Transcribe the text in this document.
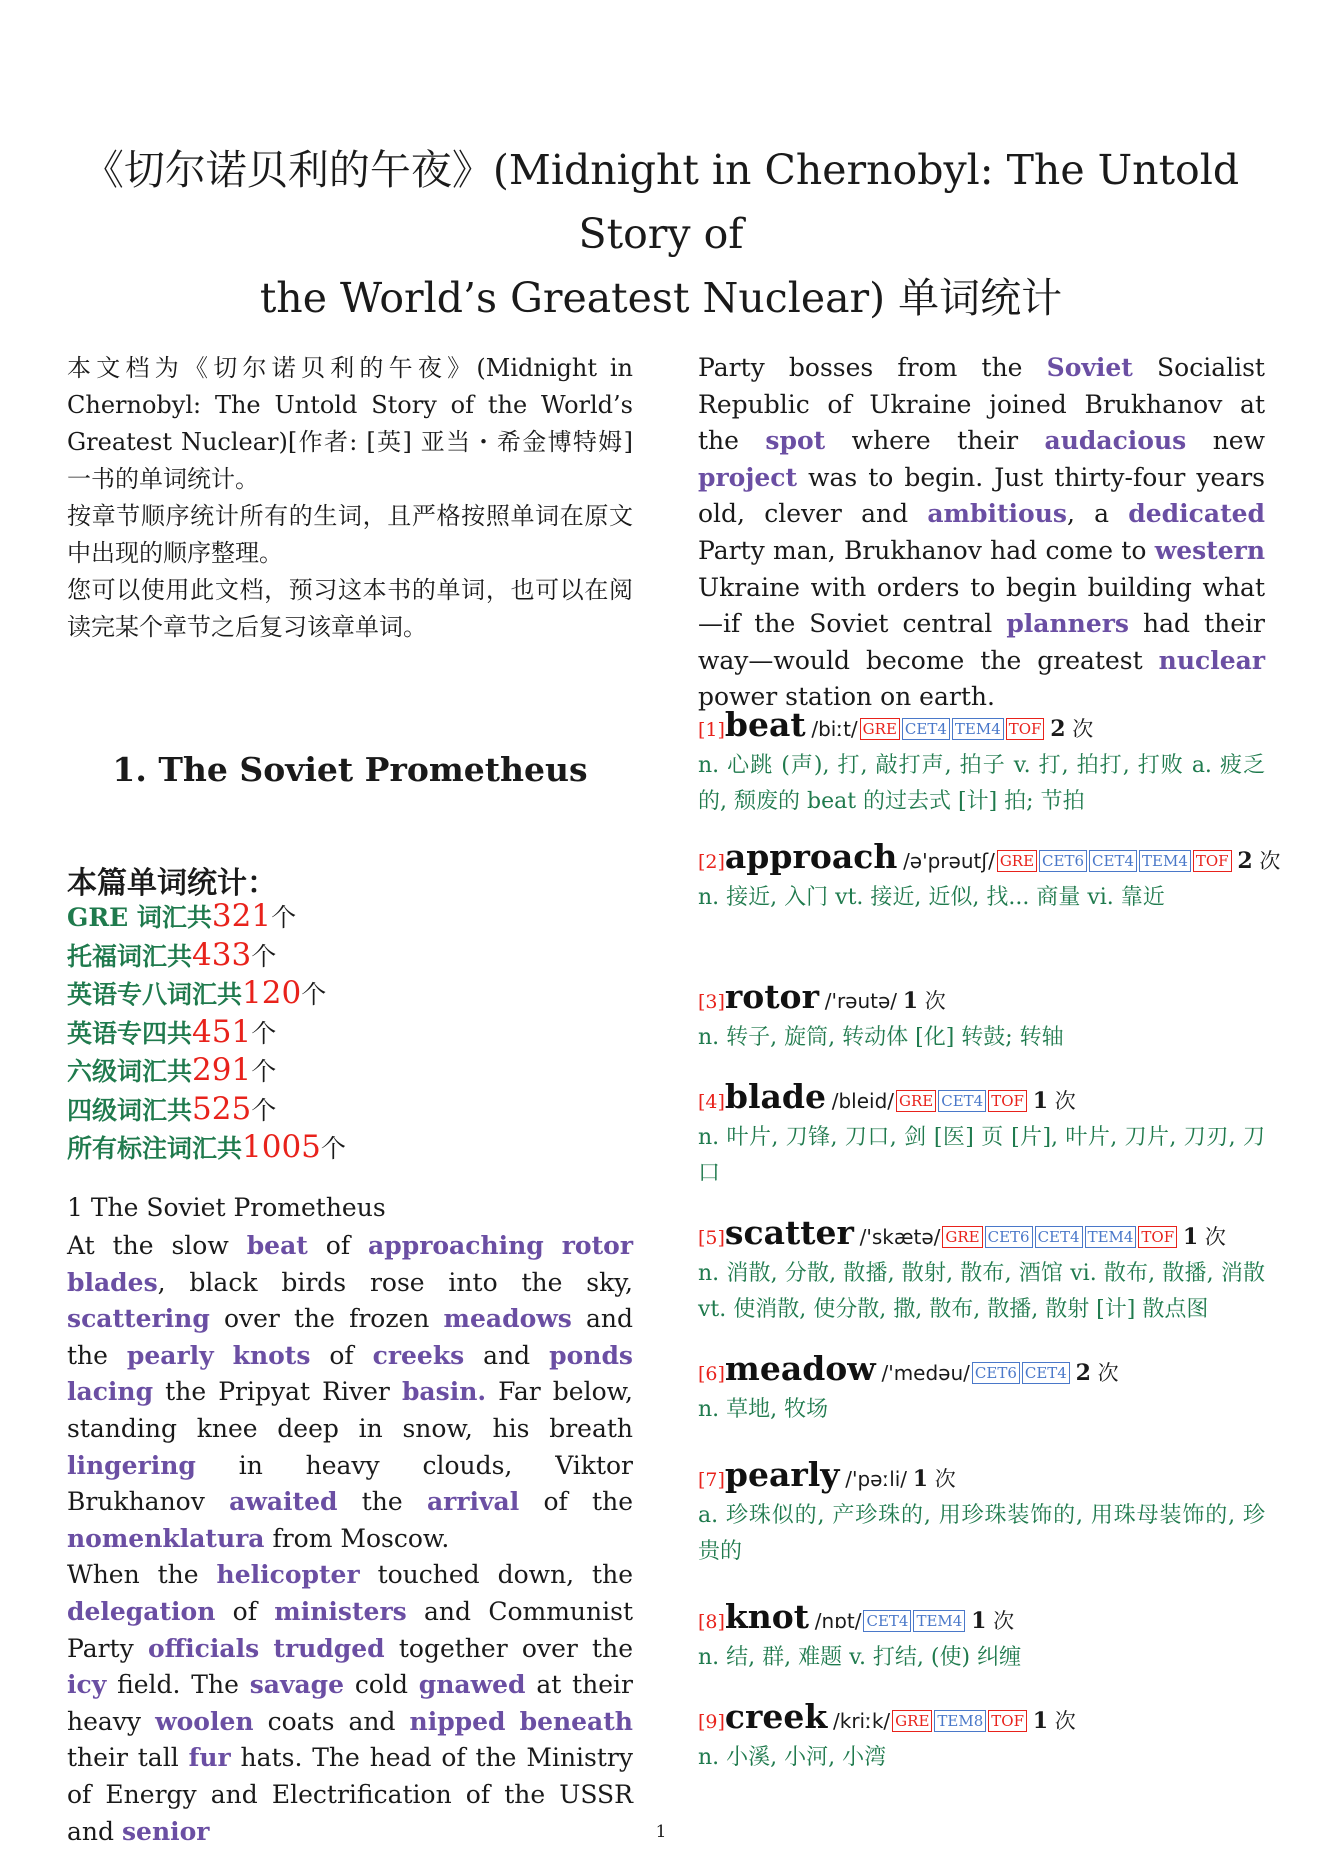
《切尔诺贝利的午夜》(Midnight in Chernobyl: The Untold Story of
the World’s Greatest Nuclear) 单词统计

本文档为《切尔诺贝利的午夜》(Midnight in Chernobyl: The Untold Story of the World’s Greatest Nuclear)[作者: [英] 亚当・希金博特姆]一书的单词统计。

按章节顺序统计所有的生词，且严格按照单词在原文中出现的顺序整理。

您可以使用此文档，预习这本书的单词，也可以在阅读完某个章节之后复习该章单词。

1. The Soviet Prometheus
本篇单词统计：
GRE 词汇共321个
托福词汇共433个
英语专八词汇共120个
英语专四共451个
六级词汇共291个
四级词汇共525个
所有标注词汇共1005个
1 The Soviet Prometheus

At the slow beat of approaching rotor blades, black birds rose into the sky, scattering over the frozen meadows and the pearly knots of creeks and ponds lacing the Pripyat River basin. Far below, standing knee deep in snow, his breath lingering in heavy clouds, Viktor Brukhanov awaited the arrival of the nomenklatura from Moscow.

When the helicopter touched down, the delegation of ministers and Communist Party officials trudged together over the icy field. The savage cold gnawed at their heavy woolen coats and nipped beneath their tall fur hats. The head of the Ministry of Energy and Electrification of the USSR and senior

Party bosses from the Soviet Socialist Republic of Ukraine joined Brukhanov at the spot where their audacious new project was to begin. Just thirty-four years old, clever and ambitious, a dedicated Party man, Brukhanov had come to western Ukraine with orders to begin building what—if the Soviet central planners had their way—would become the greatest nuclear power station on earth.

[1]beat /biːt/ GRE CET4 TEM4 TOF 2 次
n. 心跳 (声), 打, 敲打声, 拍子 v. 打, 拍打, 打败 a. 疲乏的, 颓废的 beat 的过去式 [计] 拍; 节拍
[2]approach /ə'prəutʃ/ GRE CET6 CET4 TEM4 TOF 2 次
n. 接近, 入门 vt. 接近, 近似, 找... 商量 vi. 靠近
[3]rotor /'rəutə/ 1 次
n. 转子, 旋筒, 转动体 [化] 转鼓; 转轴
[4]blade /bleid/ GRE CET4 TOF 1 次
n. 叶片, 刀锋, 刀口, 剑 [医] 页 [片], 叶片, 刀片, 刀刃, 刀口
[5]scatter /'skætə/ GRE CET6 CET4 TEM4 TOF 1 次
n. 消散, 分散, 散播, 散射, 散布, 酒馆 vi. 散布, 散播, 消散 vt. 使消散, 使分散, 撒, 散布, 散播, 散射 [计] 散点图
[6]meadow /'medəu/ CET6 CET4 2 次
n. 草地, 牧场
[7]pearly /'pəːli/ 1 次
a. 珍珠似的, 产珍珠的, 用珍珠装饰的, 用珠母装饰的, 珍贵的
[8]knot /nɒt/ CET4 TEM4 1 次
n. 结, 群, 难题 v. 打结, (使) 纠缠
[9]creek /kriːk/ GRE TEM8 TOF 1 次
n. 小溪, 小河, 小湾
1
